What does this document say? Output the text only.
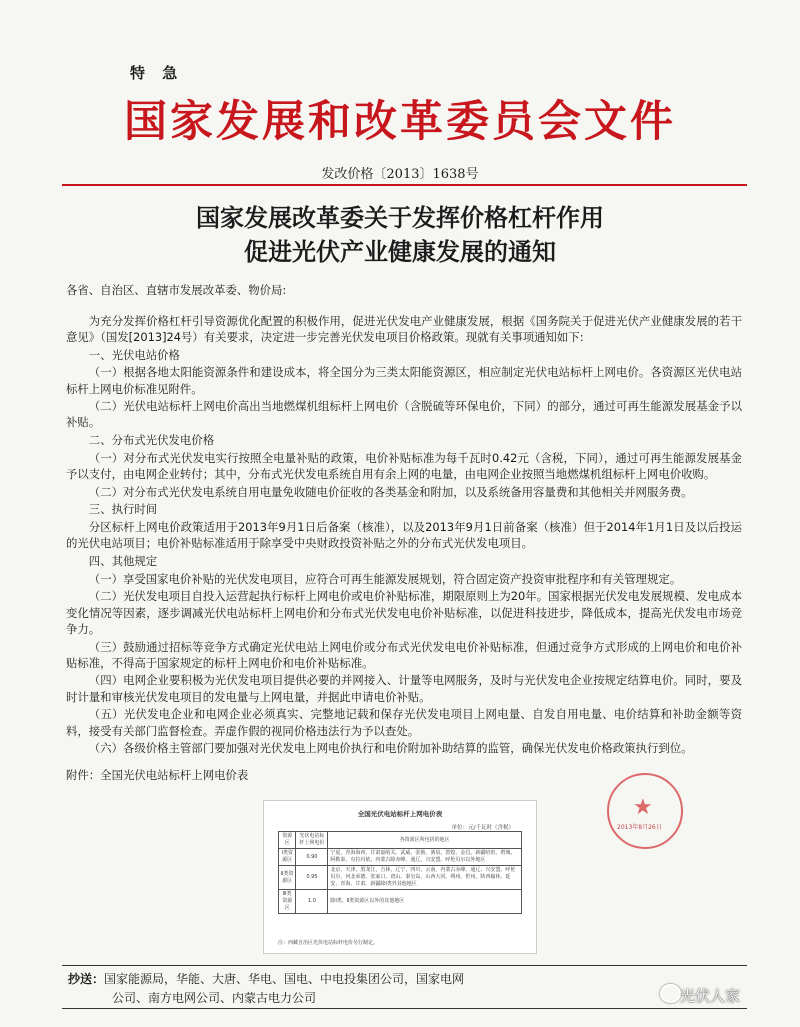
特 急
国家发展和改革委员会文件
发改价格〔2013〕1638号
国家发展改革委关于发挥价格杠杆作用
促进光伏产业健康发展的通知

各省、自治区、直辖市发展改革委、物价局:

为充分发挥价格杠杆引导资源优化配置的积极作用，促进光伏发电产业健康发展，根据《国务院关于促进光伏产业健康发展的若干意见》（国发[2013]24号）有关要求，决定进一步完善光伏发电项目价格政策。现就有关事项通知如下:

一、光伏电站价格

（一）根据各地太阳能资源条件和建设成本，将全国分为三类太阳能资源区，相应制定光伏电站标杆上网电价。各资源区光伏电站标杆上网电价标准见附件。

（二）光伏电站标杆上网电价高出当地燃煤机组标杆上网电价（含脱硫等环保电价，下同）的部分，通过可再生能源发展基金予以补贴。

二、分布式光伏发电价格

（一）对分布式光伏发电实行按照全电量补贴的政策，电价补贴标准为每千瓦时0.42元（含税，下同），通过可再生能源发展基金予以支付，由电网企业转付；其中，分布式光伏发电系统自用有余上网的电量，由电网企业按照当地燃煤机组标杆上网电价收购。

（二）对分布式光伏发电系统自用电量免收随电价征收的各类基金和附加，以及系统备用容量费和其他相关并网服务费。

三、执行时间

分区标杆上网电价政策适用于2013年9月1日后备案（核准），以及2013年9月1日前备案（核准）但于2014年1月1日及以后投运的光伏电站项目；电价补贴标准适用于除享受中央财政投资补贴之外的分布式光伏发电项目。

四、其他规定

（一）享受国家电价补贴的光伏发电项目，应符合可再生能源发展规划，符合固定资产投资审批程序和有关管理规定。

（二）光伏发电项目自投入运营起执行标杆上网电价或电价补贴标准，期限原则上为20年。国家根据光伏发电发展规模、发电成本变化情况等因素，逐步调减光伏电站标杆上网电价和分布式光伏发电电价补贴标准，以促进科技进步，降低成本，提高光伏发电市场竞争力。

（三）鼓励通过招标等竞争方式确定光伏电站上网电价或分布式光伏发电电价补贴标准，但通过竞争方式形成的上网电价和电价补贴标准，不得高于国家规定的标杆上网电价和电价补贴标准。

（四）电网企业要积极为光伏发电项目提供必要的并网接入、计量等电网服务，及时与光伏发电企业按规定结算电价。同时，要及时计量和审核光伏发电项目的发电量与上网电量，并据此申请电价补贴。

（五）光伏发电企业和电网企业必须真实、完整地记载和保存光伏发电项目上网电量、自发自用电量、电价结算和补助金额等资料，接受有关部门监督检查。弄虚作假的视同价格违法行为予以查处。

（六）各级价格主管部门要加强对光伏发电上网电价执行和电价附加补助结算的监管，确保光伏发电价格政策执行到位。

附件：全国光伏电站标杆上网电价表

全国光伏电站标杆上网电价表
单位：元/千瓦时（含税）
资源区	光伏电站标杆上网电价	各资源区所包括的地区
Ⅰ类资源区	0.90	宁夏，青海海西，甘肃嘉峪关、武威、张掖、酒泉、敦煌、金昌，新疆哈密、塔城、阿勒泰、克拉玛依，内蒙古除赤峰、通辽、兴安盟、呼伦贝尔以外地区
Ⅱ类资源区	0.95	北京，天津，黑龙江，吉林，辽宁，四川，云南，内蒙古赤峰、通辽、兴安盟、呼伦贝尔，河北承德、张家口、唐山、秦皇岛，山西大同、朔州、忻州，陕西榆林、延安，青海、甘肃、新疆除Ⅰ类外其他地区
Ⅲ类资源区	1.0	除Ⅰ类、Ⅱ类资源区以外的其他地区
注：西藏自治区光伏电站标杆电价另行制定。
★
2013年8月26日
抄送：国家能源局，华能、大唐、华电、国电、中电投集团公司，国家电网
公司、南方电网公司、内蒙古电力公司	光伏人家
